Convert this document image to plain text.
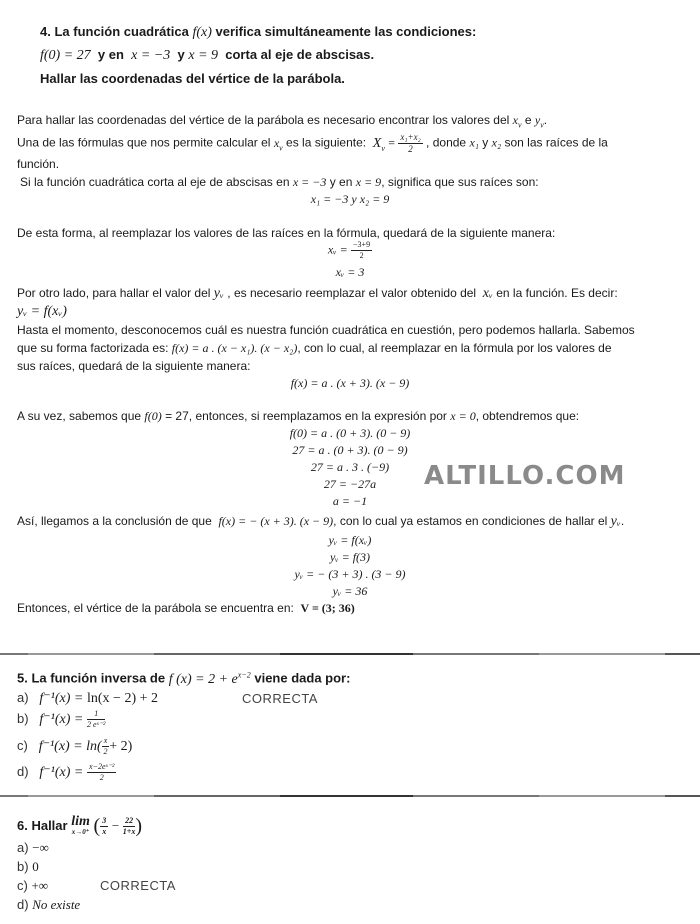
4. La función cuadrática f(x) verifica simultáneamente las condiciones:
f(0) = 27 y en x = −3 y x = 9 corta al eje de abscisas.
Hallar las coordenadas del vértice de la parábola.
Para hallar las coordenadas del vértice de la parábola es necesario encontrar los valores del $x_v$ e $y_v$.
Una de las fórmulas que nos permite calcular el $x_v$ es la siguiente: $X_v = \frac{\text{x₁+x₂}}{2}$ , donde x₁ y x₂ son las raíces de la
función.
Si la función cuadrática corta al eje de abscisas en x = −3 y en x = 9, significa que sus raíces son:
x₁ = −3 y x₂ = 9
De esta forma, al reemplazar los valores de las raíces en la fórmula, quedará de la siguiente manera:
xᵥ = $\frac{-3+9}{2}$
xᵥ = 3
Por otro lado, para hallar el valor del yᵥ , es necesario reemplazar el valor obtenido del xᵥ en la función. Es decir:
yᵥ = f(xᵥ)
Hasta el momento, desconocemos cuál es nuestra función cuadrática en cuestión, pero podemos hallarla. Sabemos
que su forma factorizada es: f(x) = a . (x − x₁). (x − x₂), con lo cual, al reemplazar en la fórmula por los valores de
sus raíces, quedará de la siguiente manera:
f(x) = a . (x + 3). (x − 9)
A su vez, sabemos que f(0) = 27, entonces, si reemplazamos en la expresión por x = 0, obtendremos que:
f(0) = a . (0 + 3). (0 − 9)
27 = a . (0 + 3). (0 − 9)
27 = a . 3 . (−9)
27 = −27a
a = −1
ALTILLO.COM
Así, llegamos a la conclusión de que f(x) = − (x + 3). (x − 9), con lo cual ya estamos en condiciones de hallar el yᵥ.
yᵥ = f(xᵥ)
yᵥ = f(3)
yᵥ = − (3 + 3) . (3 − 9)
yᵥ = 36
Entonces, el vértice de la parábola se encuentra en: V = (3; 36)
5. La función inversa de f $(x) = 2 + e^{x-2}$ viene dada por:
a) f⁻¹(x) = ln(x − 2) + 2	CORRECTA
b) $f^{-1}(x) = \frac{1}{\text{2 eˣ⁻²}}$
c) $f^{-1}(x) = \ln( \frac{x}{2} + 2)$
d) $f^{-1}(x) = \frac{\text{x−2eˣ⁻²}}{2}$
6. Hallar lim
x→0⁺ ( $\frac{3}{x} - \frac{22}{1+x}$ )
a) −∞
b) 0
c) +∞	CORRECTA
d) No existe
